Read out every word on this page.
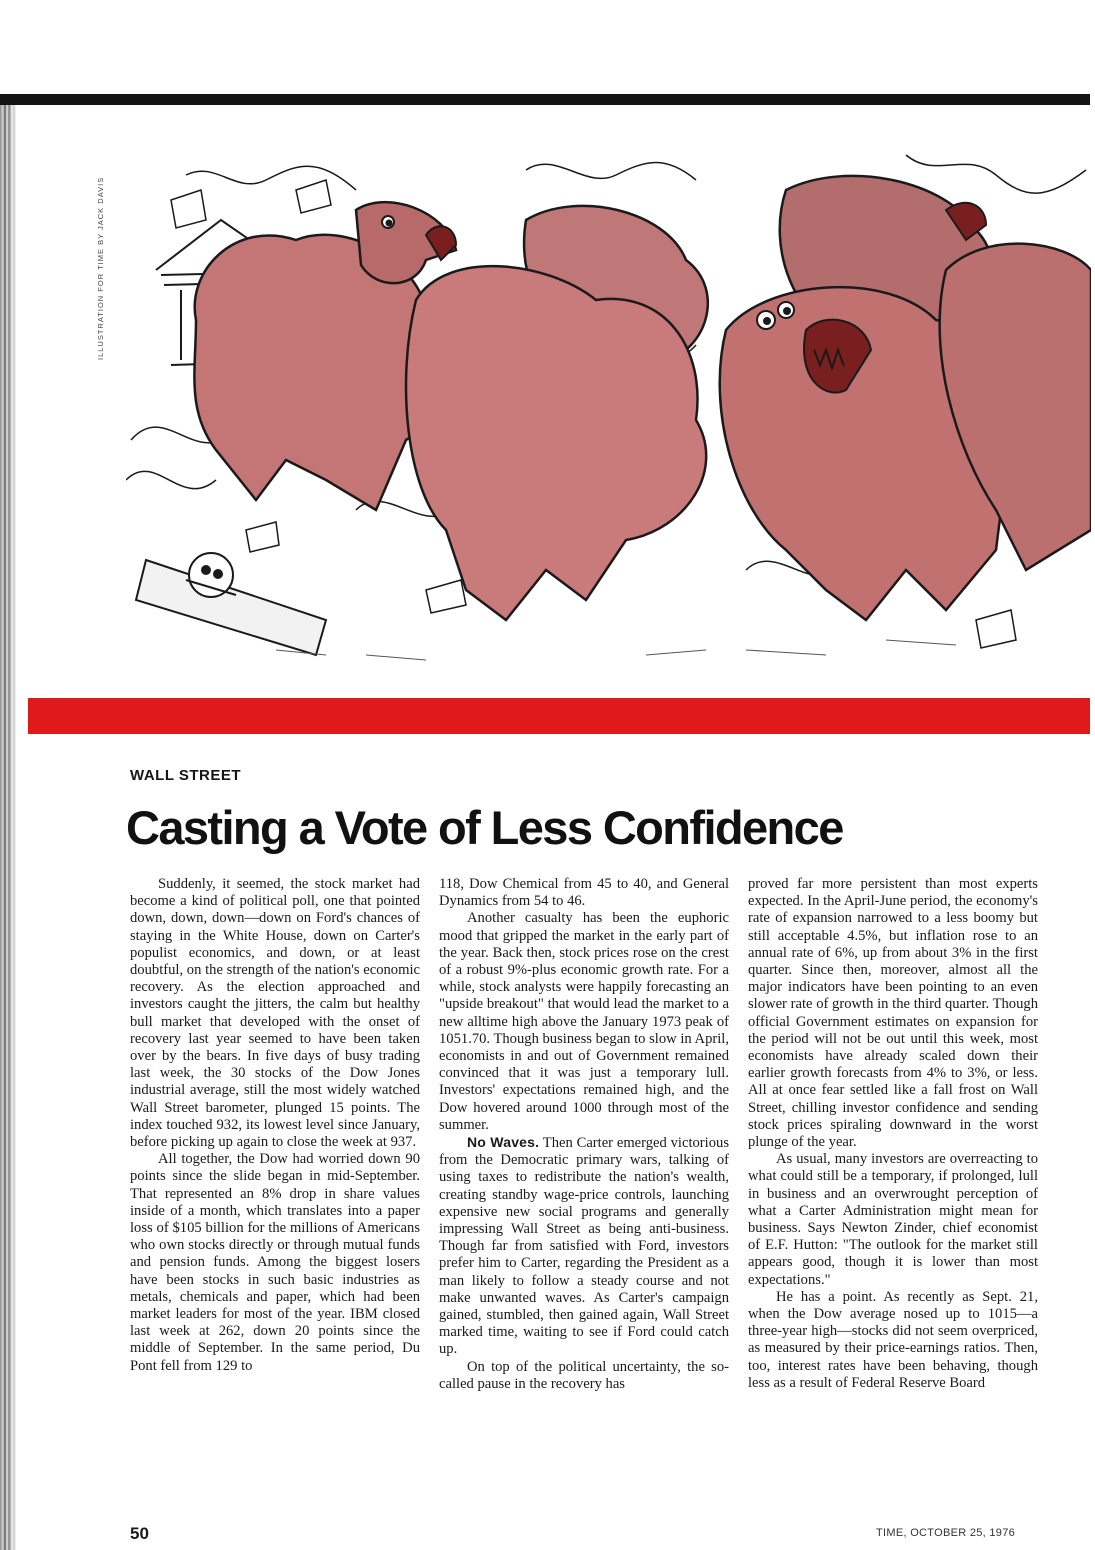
ILLUSTRATION FOR TIME BY JACK DAVIS
WALL STREET
Casting a Vote of Less Confidence

Suddenly, it seemed, the stock market had become a kind of political poll, one that pointed down, down, down—down on Ford's chances of staying in the White House, down on Carter's populist economics, and down, or at least doubtful, on the strength of the nation's economic recovery. As the election approached and investors caught the jitters, the calm but healthy bull market that developed with the onset of recovery last year seemed to have been taken over by the bears. In five days of busy trading last week, the 30 stocks of the Dow Jones industrial average, still the most widely watched Wall Street barometer, plunged 15 points. The index touched 932, its lowest level since January, before picking up again to close the week at 937.

All together, the Dow had worried down 90 points since the slide began in mid-September. That represented an 8% drop in share values inside of a month, which translates into a paper loss of $105 billion for the millions of Americans who own stocks directly or through mutual funds and pension funds. Among the biggest losers have been stocks in such basic industries as metals, chemicals and paper, which had been market leaders for most of the year. IBM closed last week at 262, down 20 points since the middle of September. In the same period, Du Pont fell from 129 to

118, Dow Chemical from 45 to 40, and General Dynamics from 54 to 46.

Another casualty has been the euphoric mood that gripped the market in the early part of the year. Back then, stock prices rose on the crest of a robust 9%-plus economic growth rate. For a while, stock analysts were happily forecasting an "upside breakout" that would lead the market to a new alltime high above the January 1973 peak of 1051.70. Though business began to slow in April, economists in and out of Government remained convinced that it was just a temporary lull. Investors' expectations remained high, and the Dow hovered around 1000 through most of the summer.

No Waves. Then Carter emerged victorious from the Democratic primary wars, talking of using taxes to redistribute the nation's wealth, creating standby wage-price controls, launching expensive new social programs and generally impressing Wall Street as being anti-business. Though far from satisfied with Ford, investors prefer him to Carter, regarding the President as a man likely to follow a steady course and not make unwanted waves. As Carter's campaign gained, stumbled, then gained again, Wall Street marked time, waiting to see if Ford could catch up.

On top of the political uncertainty, the so-called pause in the recovery has

proved far more persistent than most experts expected. In the April-June period, the economy's rate of expansion narrowed to a less boomy but still acceptable 4.5%, but inflation rose to an annual rate of 6%, up from about 3% in the first quarter. Since then, moreover, almost all the major indicators have been pointing to an even slower rate of growth in the third quarter. Though official Government estimates on expansion for the period will not be out until this week, most economists have already scaled down their earlier growth forecasts from 4% to 3%, or less. All at once fear settled like a fall frost on Wall Street, chilling investor confidence and sending stock prices spiraling downward in the worst plunge of the year.

As usual, many investors are overreacting to what could still be a temporary, if prolonged, lull in business and an overwrought perception of what a Carter Administration might mean for business. Says Newton Zinder, chief economist of E.F. Hutton: "The outlook for the market still appears good, though it is lower than most expectations."

He has a point. As recently as Sept. 21, when the Dow average nosed up to 1015—a three-year high—stocks did not seem overpriced, as measured by their price-earnings ratios. Then, too, interest rates have been behaving, though less as a result of Federal Reserve Board

50	TIME, OCTOBER 25, 1976
